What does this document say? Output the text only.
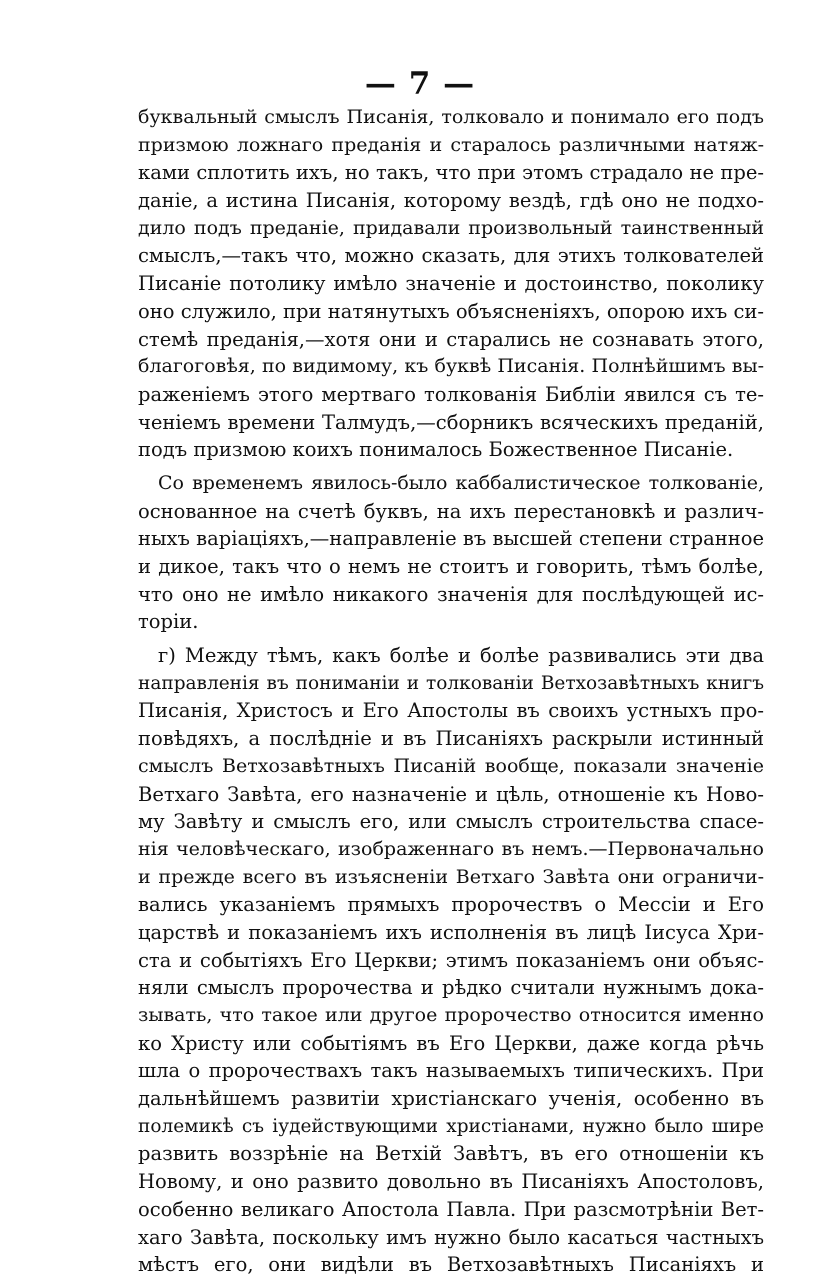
— 7 —
буквальный смыслъ Писанія, толковало и понимало его подъ
призмою ложнаго преданія и старалось различными натяж-
ками сплотить ихъ, но такъ, что при этомъ страдало не пре-
даніе, а истина Писанія, которому вездѣ, гдѣ оно не подхо-
дило подъ преданіе, придавали произвольный таинственный
смыслъ,—такъ что, можно сказать, для этихъ толкователей
Писаніе потолику имѣло значеніе и достоинство, поколику
оно служило, при натянутыхъ объясненіяхъ, опорою ихъ си-
стемѣ преданія,—хотя они и старались не сознавать этого,
благоговѣя, по видимому, къ буквѣ Писанія. Полнѣйшимъ вы-
раженіемъ этого мертваго толкованія Библіи явился съ те-
ченіемъ времени Талмудъ,—сборникъ всяческихъ преданій,
подъ призмою коихъ понималось Божественное Писаніе.
Со временемъ явилось-было каббалистическое толкованіе,
основанное на счетѣ буквъ, на ихъ перестановкѣ и различ-
ныхъ варіаціяхъ,—направленіе въ высшей степени странное
и дикое, такъ что о немъ не стоитъ и говорить, тѣмъ болѣе,
что оно не имѣло никакого значенія для послѣдующей ис-
торіи.
г) Между тѣмъ, какъ болѣе и болѣе развивались эти два
направленія въ пониманіи и толкованіи Ветхозавѣтныхъ книгъ
Писанія, Христосъ и Его Апостолы въ своихъ устныхъ про-
повѣдяхъ, а послѣдніе и въ Писаніяхъ раскрыли истинный
смыслъ Ветхозавѣтныхъ Писаній вообще, показали значеніе
Ветхаго Завѣта, его назначеніе и цѣль, отношеніе къ Ново-
му Завѣту и смыслъ его, или смыслъ строительства спасе-
нія человѣческаго, изображеннаго въ немъ.—Первоначально
и прежде всего въ изъясненіи Ветхаго Завѣта они ограничи-
вались указаніемъ прямыхъ пророчествъ о Мессіи и Его
царствѣ и показаніемъ ихъ исполненія въ лицѣ Іисуса Хри-
ста и событіяхъ Его Церкви; этимъ показаніемъ они объяс-
няли смыслъ пророчества и рѣдко считали нужнымъ дока-
зывать, что такое или другое пророчество относится именно
ко Христу или событіямъ въ Его Церкви, даже когда рѣчь
шла о пророчествахъ такъ называемыхъ типическихъ. При
дальнѣйшемъ развитіи христіанскаго ученія, особенно въ
полемикѣ съ іудействующими христіанами, нужно было шире
развить воззрѣніе на Ветхій Завѣтъ, въ его отношеніи къ
Новому, и оно развито довольно въ Писаніяхъ Апостоловъ,
особенно великаго Апостола Павла. При разсмотрѣніи Вет-
хаго Завѣта, поскольку имъ нужно было касаться частныхъ
мѣстъ его, они видѣли въ Ветхозавѣтныхъ Писаніяхъ и
